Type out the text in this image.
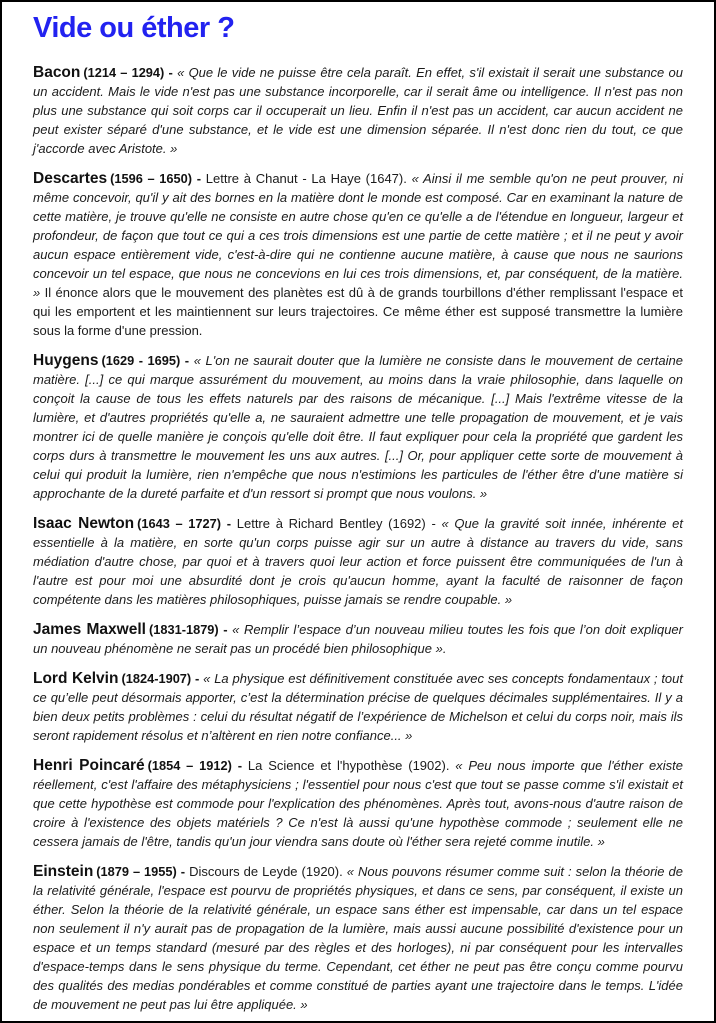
Vide ou éther ?

Bacon (1214 – 1294) - « Que le vide ne puisse être cela paraît. En effet, s'il existait il serait une substance ou un accident. Mais le vide n'est pas une substance incorporelle, car il serait âme ou intelligence. Il n'est pas non plus une substance qui soit corps car il occuperait un lieu. Enfin il n'est pas un accident, car aucun accident ne peut exister séparé d'une substance, et le vide est une dimension séparée. Il n'est donc rien du tout, ce que j'accorde avec Aristote. »

Descartes (1596 – 1650) - Lettre à Chanut - La Haye (1647). « Ainsi il me semble qu'on ne peut prouver, ni même concevoir, qu'il y ait des bornes en la matière dont le monde est composé. Car en examinant la nature de cette matière, je trouve qu'elle ne consiste en autre chose qu'en ce qu'elle a de l'étendue en longueur, largeur et profondeur, de façon que tout ce qui a ces trois dimensions est une partie de cette matière ; et il ne peut y avoir aucun espace entièrement vide, c'est-à-dire qui ne contienne aucune matière, à cause que nous ne saurions concevoir un tel espace, que nous ne concevions en lui ces trois dimensions, et, par conséquent, de la matière. » Il énonce alors que le mouvement des planètes est dû à de grands tourbillons d'éther remplissant l'espace et qui les emportent et les maintiennent sur leurs trajectoires. Ce même éther est supposé transmettre la lumière sous la forme d'une pression.

Huygens (1629 - 1695) - « L'on ne saurait douter que la lumière ne consiste dans le mouvement de certaine matière. [...] ce qui marque assurément du mouvement, au moins dans la vraie philosophie, dans laquelle on conçoit la cause de tous les effets naturels par des raisons de mécanique. [...] Mais l'extrême vitesse de la lumière, et d'autres propriétés qu'elle a, ne sauraient admettre une telle propagation de mouvement, et je vais montrer ici de quelle manière je conçois qu'elle doit être. Il faut expliquer pour cela la propriété que gardent les corps durs à transmettre le mouvement les uns aux autres. [...] Or, pour appliquer cette sorte de mouvement à celui qui produit la lumière, rien n'empêche que nous n'estimions les particules de l'éther être d'une matière si approchante de la dureté parfaite et d'un ressort si prompt que nous voulons. »

Isaac Newton (1643 – 1727) - Lettre à Richard Bentley (1692) - « Que la gravité soit innée, inhérente et essentielle à la matière, en sorte qu'un corps puisse agir sur un autre à distance au travers du vide, sans médiation d'autre chose, par quoi et à travers quoi leur action et force puissent être communiquées de l'un à l'autre est pour moi une absurdité dont je crois qu'aucun homme, ayant la faculté de raisonner de façon compétente dans les matières philosophiques, puisse jamais se rendre coupable. »

James Maxwell (1831-1879) - « Remplir l’espace d’un nouveau milieu toutes les fois que l’on doit expliquer un nouveau phénomène ne serait pas un procédé bien philosophique ».

Lord Kelvin (1824-1907) - « La physique est définitivement constituée avec ses concepts fondamentaux ; tout ce qu’elle peut désormais apporter, c’est la détermination précise de quelques décimales supplémentaires. Il y a bien deux petits problèmes : celui du résultat négatif de l’expérience de Michelson et celui du corps noir, mais ils seront rapidement résolus et n’altèrent en rien notre confiance... »

Henri Poincaré (1854 – 1912) - La Science et l'hypothèse (1902). « Peu nous importe que l'éther existe réellement, c'est l'affaire des métaphysiciens ; l'essentiel pour nous c'est que tout se passe comme s'il existait et que cette hypothèse est commode pour l'explication des phénomènes. Après tout, avons-nous d'autre raison de croire à l'existence des objets matériels ? Ce n'est là aussi qu'une hypothèse commode ; seulement elle ne cessera jamais de l'être, tandis qu'un jour viendra sans doute où l'éther sera rejeté comme inutile. »

Einstein (1879 – 1955) - Discours de Leyde (1920). « Nous pouvons résumer comme suit : selon la théorie de la relativité générale, l'espace est pourvu de propriétés physiques, et dans ce sens, par conséquent, il existe un éther. Selon la théorie de la relativité générale, un espace sans éther est impensable, car dans un tel espace non seulement il n'y aurait pas de propagation de la lumière, mais aussi aucune possibilité d'existence pour un espace et un temps standard (mesuré par des règles et des horloges), ni par conséquent pour les intervalles d'espace-temps dans le sens physique du terme. Cependant, cet éther ne peut pas être conçu comme pourvu des qualités des medias pondérables et comme constitué de parties ayant une trajectoire dans le temps. L'idée de mouvement ne peut pas lui être appliquée. »
